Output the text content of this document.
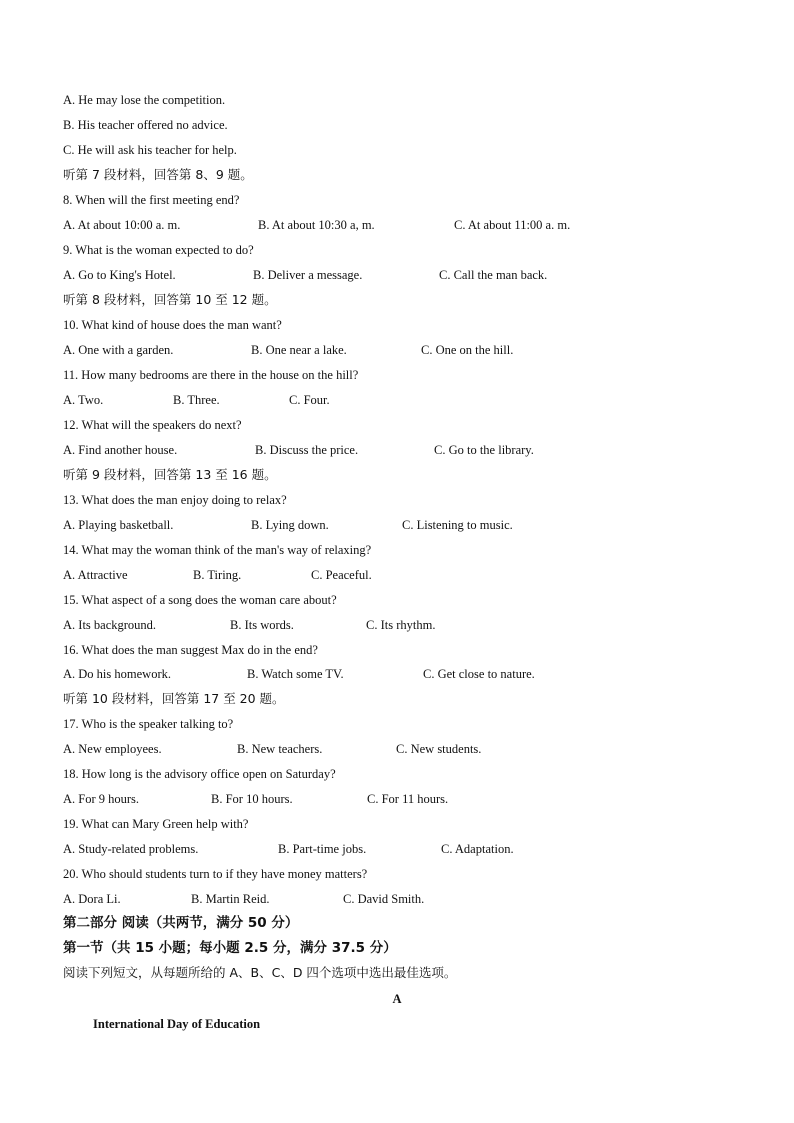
A. He may lose the competition.
B. His teacher offered no advice.
C. He will ask his teacher for help.
听第 7 段材料，回答第 8、9 题。
8. When will the first meeting end?
A. At about 10:00 a. m.	B. At about 10:30 a, m.	C. At about 11:00 a. m.
9. What is the woman expected to do?
A. Go to King's Hotel.	B. Deliver a message.	C. Call the man back.
听第 8 段材料，回答第 10 至 12 题。
10. What kind of house does the man want?
A. One with a garden.	B. One near a lake.	C. One on the hill.
11. How many bedrooms are there in the house on the hill?
A. Two.	B. Three.	C. Four.
12. What will the speakers do next?
A. Find another house.	B. Discuss the price.	C. Go to the library.
听第 9 段材料，回答第 13 至 16 题。
13. What does the man enjoy doing to relax?
A. Playing basketball.	B. Lying down.	C. Listening to music.
14. What may the woman think of the man's way of relaxing?
A. Attractive	B. Tiring.	C. Peaceful.
15. What aspect of a song does the woman care about?
A. Its background.	B. Its words.	C. Its rhythm.
16. What does the man suggest Max do in the end?
A. Do his homework.	B. Watch some TV.	C. Get close to nature.
听第 10 段材料，回答第 17 至 20 题。
17. Who is the speaker talking to?
A. New employees.	B. New teachers.	C. New students.
18. How long is the advisory office open on Saturday?
A. For 9 hours.	B. For 10 hours.	C. For 11 hours.
19. What can Mary Green help with?
A. Study-related problems.	B. Part-time jobs.	C. Adaptation.
20. Who should students turn to if they have money matters?
A. Dora Li.	B. Martin Reid.	C. David Smith.
第二部分 阅读（共两节，满分 50 分）
第一节（共 15 小题；每小题 2.5 分，满分 37.5 分）
阅读下列短文，从每题所给的 A、B、C、D 四个选项中选出最佳选项。
A
International Day of Education
